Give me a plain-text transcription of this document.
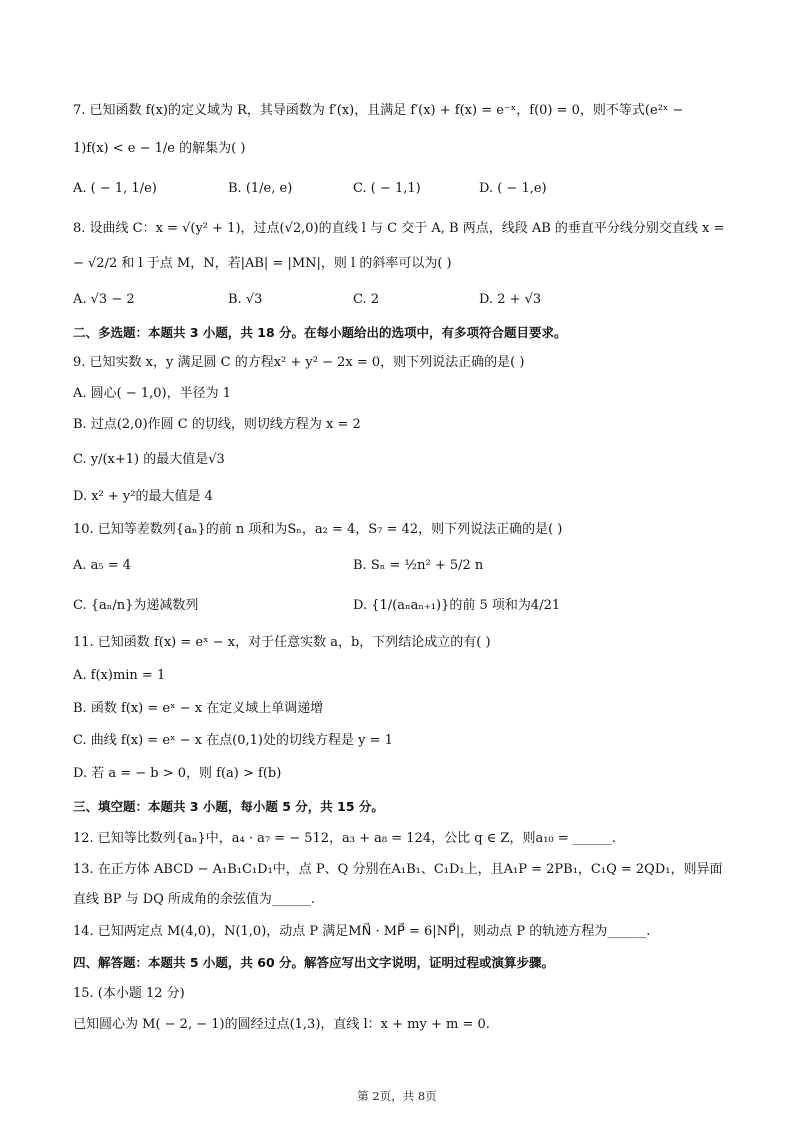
7. 已知函数 f(x)的定义域为 R，其导函数为 f′(x)，且满足 f′(x) + f(x) = e⁻ˣ，f(0) = 0，则不等式(e²ˣ −
1)f(x) < e − 1/e 的解集为( )
A. ( − 1, 1/e)	B. (1/e, e)	C. ( − 1,1)	D. ( − 1,e)
8. 设曲线 C：x = √(y² + 1)，过点(√2,0)的直线 l 与 C 交于 A, B 两点，线段 AB 的垂直平分线分别交直线 x =
− √2/2 和 l 于点 M，N，若|AB| = |MN|，则 l 的斜率可以为( )
A. √3 − 2	B. √3	C. 2	D. 2 + √3
二、多选题：本题共 3 小题，共 18 分。在每小题给出的选项中，有多项符合题目要求。
9. 已知实数 x，y 满足圆 C 的方程x² + y² − 2x = 0，则下列说法正确的是( )
A. 圆心( − 1,0)，半径为 1
B. 过点(2,0)作圆 C 的切线，则切线方程为 x = 2
C. y/(x+1) 的最大值是√3
D. x² + y²的最大值是 4
10. 已知等差数列{aₙ}的前 n 项和为Sₙ，a₂ = 4，S₇ = 42，则下列说法正确的是( )
A. a₅ = 4	B. Sₙ = ½n² + 5/2 n
C. {aₙ/n}为递减数列	D. {1/(aₙaₙ₊₁)}的前 5 项和为4/21
11. 已知函数 f(x) = eˣ − x，对于任意实数 a，b，下列结论成立的有( )
A. f(x)min = 1
B. 函数 f(x) = eˣ − x 在定义域上单调递增
C. 曲线 f(x) = eˣ − x 在点(0,1)处的切线方程是 y = 1
D. 若 a = − b > 0，则 f(a) > f(b)
三、填空题：本题共 3 小题，每小题 5 分，共 15 分。
12. 已知等比数列{aₙ}中，a₄ · a₇ = − 512，a₃ + a₈ = 124，公比 q ∈ Z，则a₁₀ = ______.
13. 在正方体 ABCD − A₁B₁C₁D₁中，点 P、Q 分别在A₁B₁、C₁D₁上，且A₁P = 2PB₁，C₁Q = 2QD₁，则异面
直线 BP 与 DQ 所成角的余弦值为______.
14. 已知两定点 M(4,0)，N(1,0)，动点 P 满足MN⃗ · MP⃗ = 6|NP⃗|，则动点 P 的轨迹方程为______.
四、解答题：本题共 5 小题，共 60 分。解答应写出文字说明，证明过程或演算步骤。
15. (本小题 12 分)
已知圆心为 M( − 2, − 1)的圆经过点(1,3)，直线 l：x + my + m = 0.
第 2页，共 8页
